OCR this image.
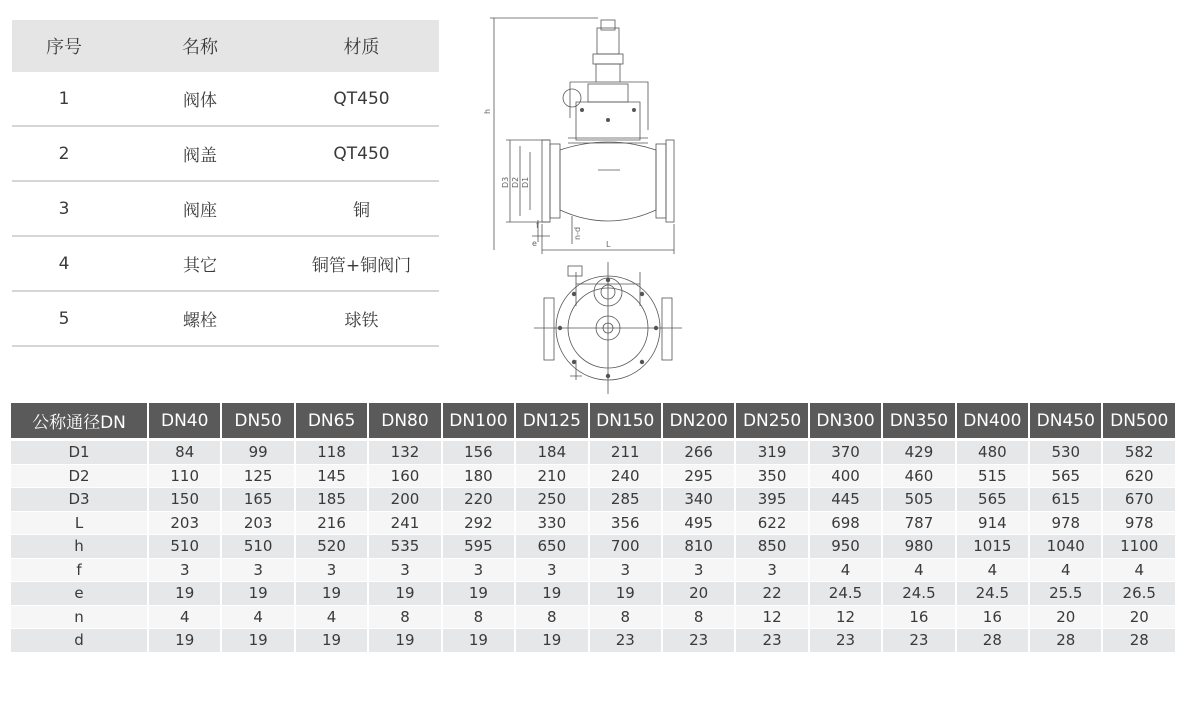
序号	名称	材质
1	阀体	QT450
2	阀盖	QT450
3	阀座	铜
4	其它	铜管+铜阀门
5	螺栓	球铁
h
D3 D2 D1
f
e
n-d
L
公称通径DN	DN40	DN50	DN65	DN80	DN100	DN125	DN150	DN200	DN250	DN300	DN350	DN400	DN450	DN500
D1	84	99	118	132	156	184	211	266	319	370	429	480	530	582
D2	110	125	145	160	180	210	240	295	350	400	460	515	565	620
D3	150	165	185	200	220	250	285	340	395	445	505	565	615	670
L	203	203	216	241	292	330	356	495	622	698	787	914	978	978
h	510	510	520	535	595	650	700	810	850	950	980	1015	1040	1100
f	3	3	3	3	3	3	3	3	3	4	4	4	4	4
e	19	19	19	19	19	19	19	20	22	24.5	24.5	24.5	25.5	26.5
n	4	4	4	8	8	8	8	8	12	12	16	16	20	20
d	19	19	19	19	19	19	23	23	23	23	23	28	28	28
